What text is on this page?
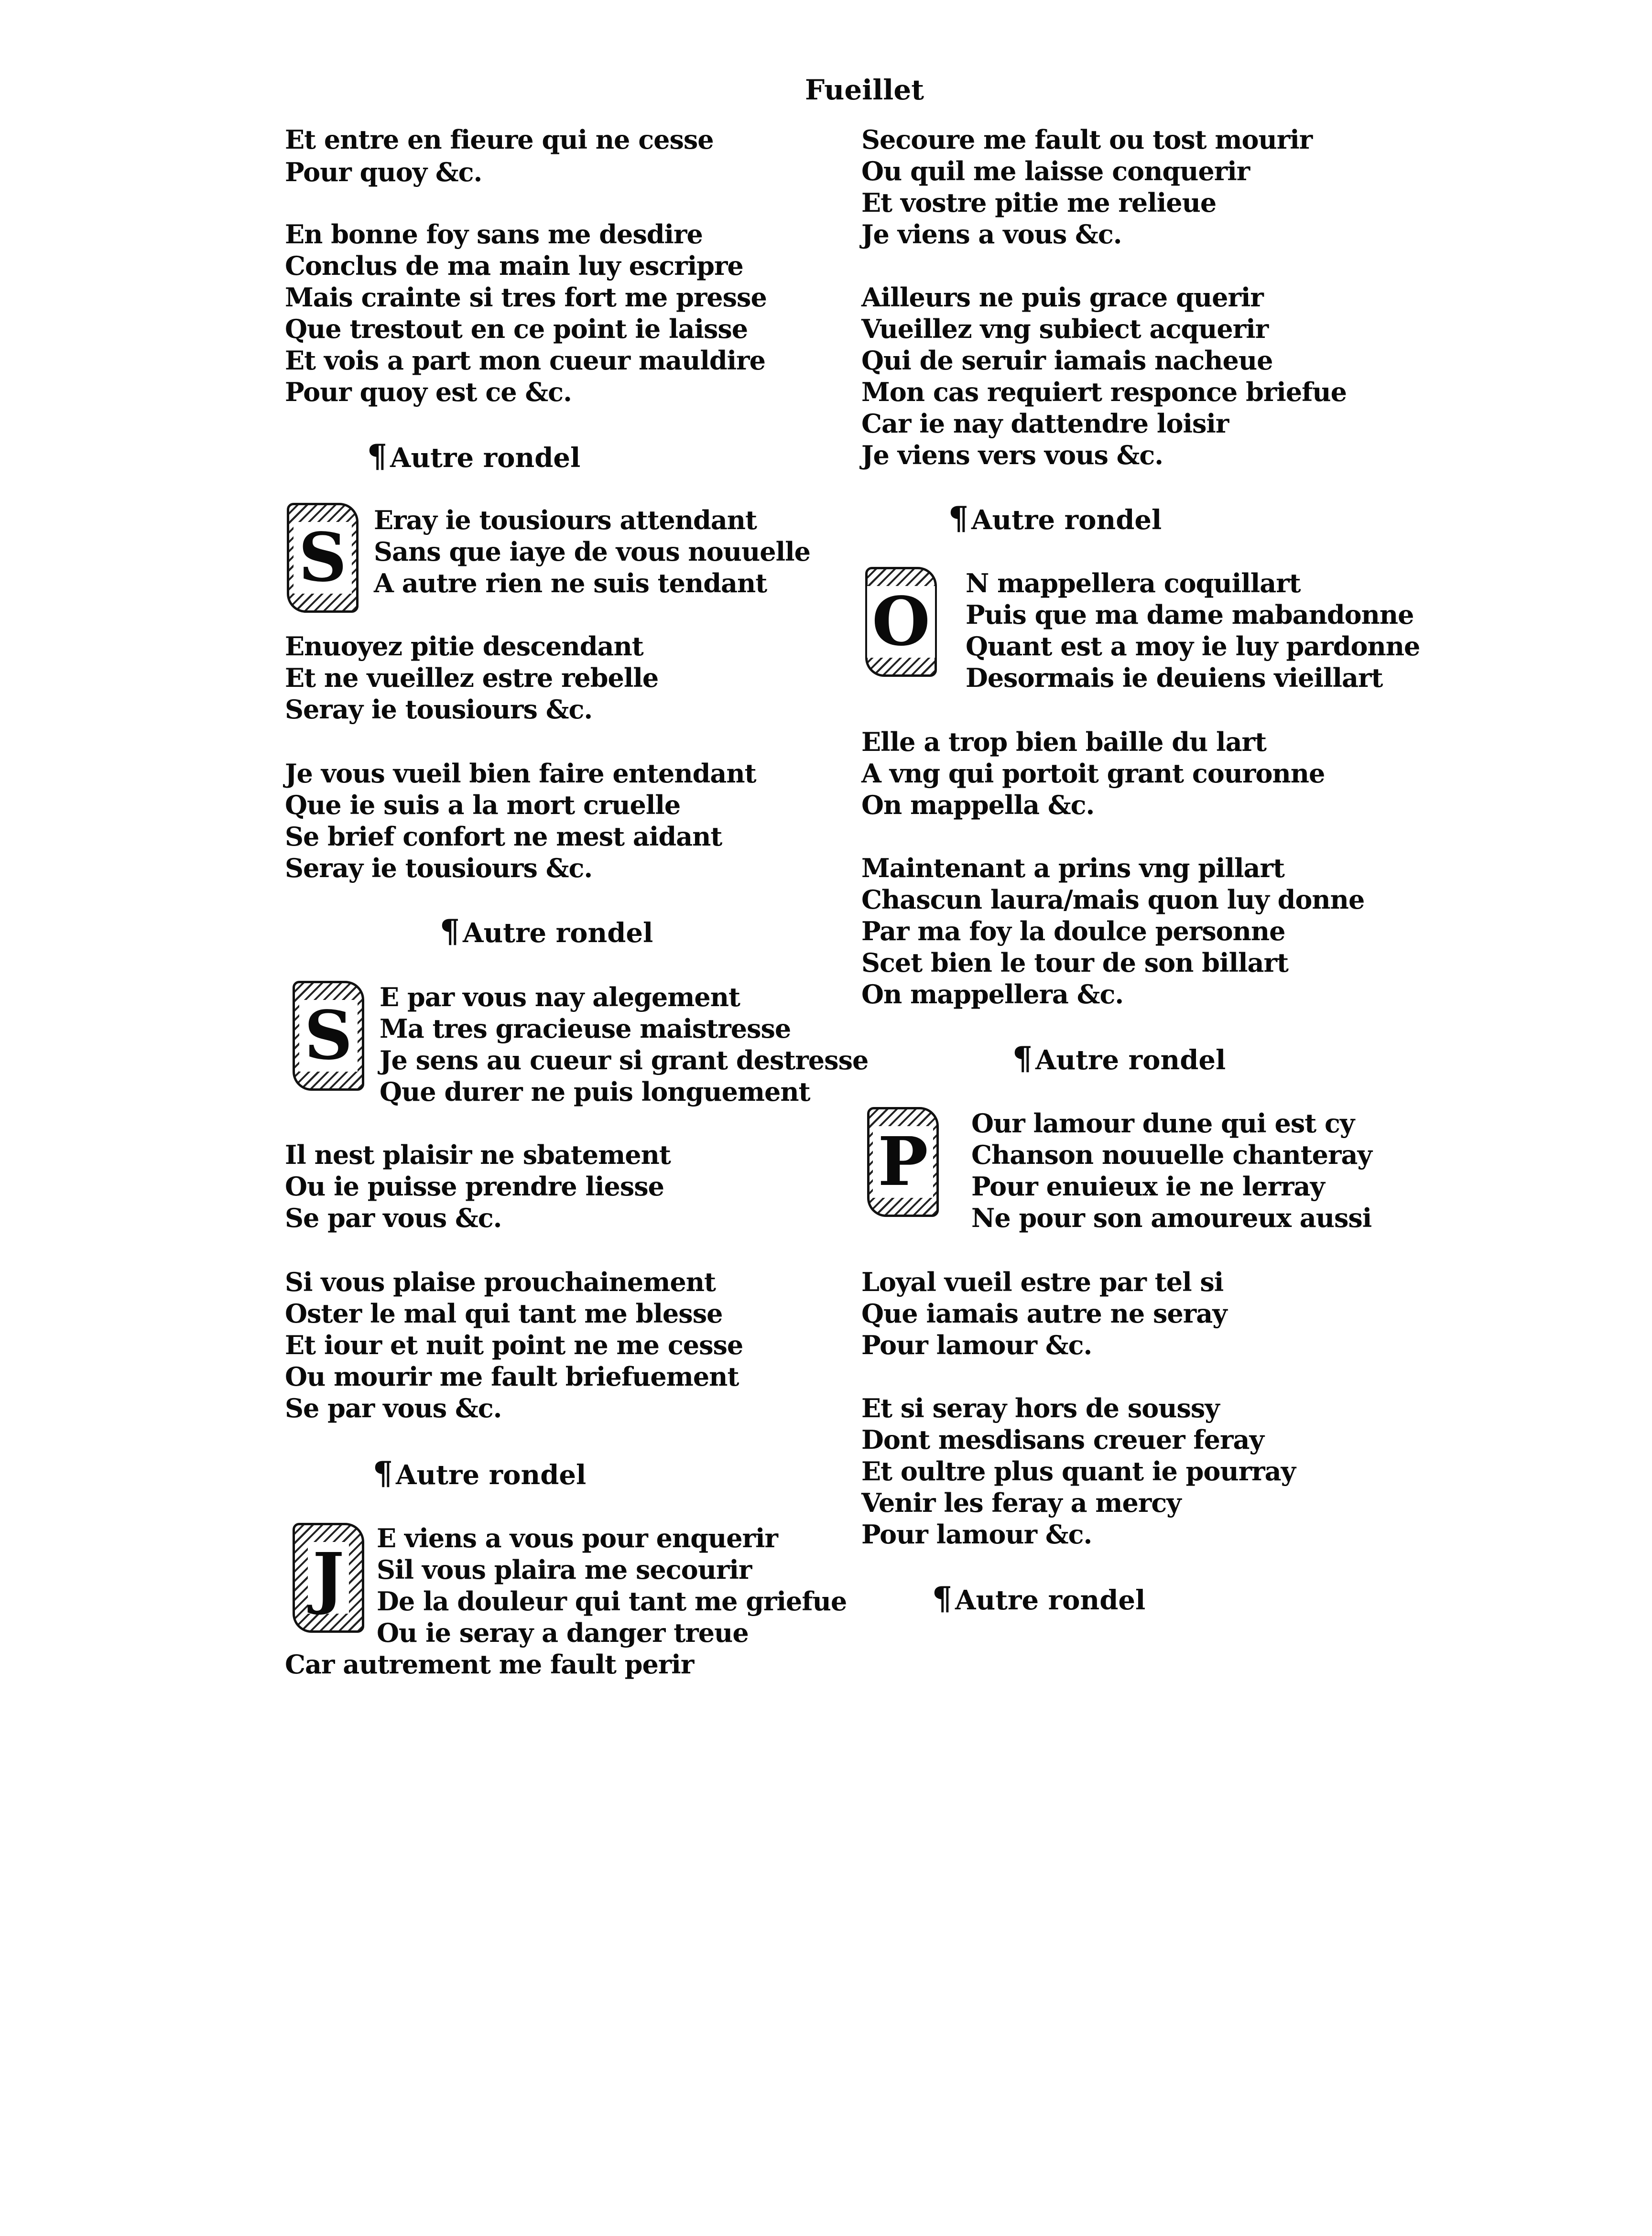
Fueillet
Et entre en fieure qui ne cesse
Pour quoy &c.
En bonne foy sans me desdire
Conclus de ma main luy escripre
Mais crainte si tres fort me presse
Que trestout en ce point ie laisse
Et vois a part mon cueur mauldire
Pour quoy est ce &c.
¶ Autre rondel
S Eray ie tousiours attendant
Sans que iaye de vous nouuelle
A autre rien ne suis tendant
Enuoyez pitie descendant
Et ne vueillez estre rebelle
Seray ie tousiours &c.
Je vous vueil bien faire entendant
Que ie suis a la mort cruelle
Se brief confort ne mest aidant
Seray ie tousiours &c.
¶ Autre rondel
S E par vous nay alegement
Ma tres gracieuse maistresse
Je sens au cueur si grant destresse
Que durer ne puis longuement
Il nest plaisir ne sbatement
Ou ie puisse prendre liesse
Se par vous &c.
Si vous plaise prouchainement
Oster le mal qui tant me blesse
Et iour et nuit point ne me cesse
Ou mourir me fault briefuement
Se par vous &c.
¶ Autre rondel
J
E viens a vous pour enquerir
Sil vous plaira me secourir
De la douleur qui tant me griefue
Ou ie seray a danger treue
Car autrement me fault perir
Secoure me fault ou tost mourir
Ou quil me laisse conquerir
Et vostre pitie me relieue
Je viens a vous &c.
Ailleurs ne puis grace querir
Vueillez vng subiect acquerir
Qui de seruir iamais nacheue
Mon cas requiert responce briefue
Car ie nay dattendre loisir
Je viens vers vous &c.
¶ Autre rondel
O N mappellera coquillart
Puis que ma dame mabandonne
Quant est a moy ie luy pardonne
Desormais ie deuiens vieillart
Elle a trop bien baille du lart
A vng qui portoit grant couronne
On mappella &c.
Maintenant a prins vng pillart
Chascun laura/mais quon luy donne
Par ma foy la doulce personne
Scet bien le tour de son billart
On mappellera &c.
¶ Autre rondel
P Our lamour dune qui est cy
Chanson nouuelle chanteray
Pour enuieux ie ne lerray
Ne pour son amoureux aussi
Loyal vueil estre par tel si
Que iamais autre ne seray
Pour lamour &c.
Et si seray hors de soussy
Dont mesdisans creuer feray
Et oultre plus quant ie pourray
Venir les feray a mercy
Pour lamour &c.
¶ Autre rondel
